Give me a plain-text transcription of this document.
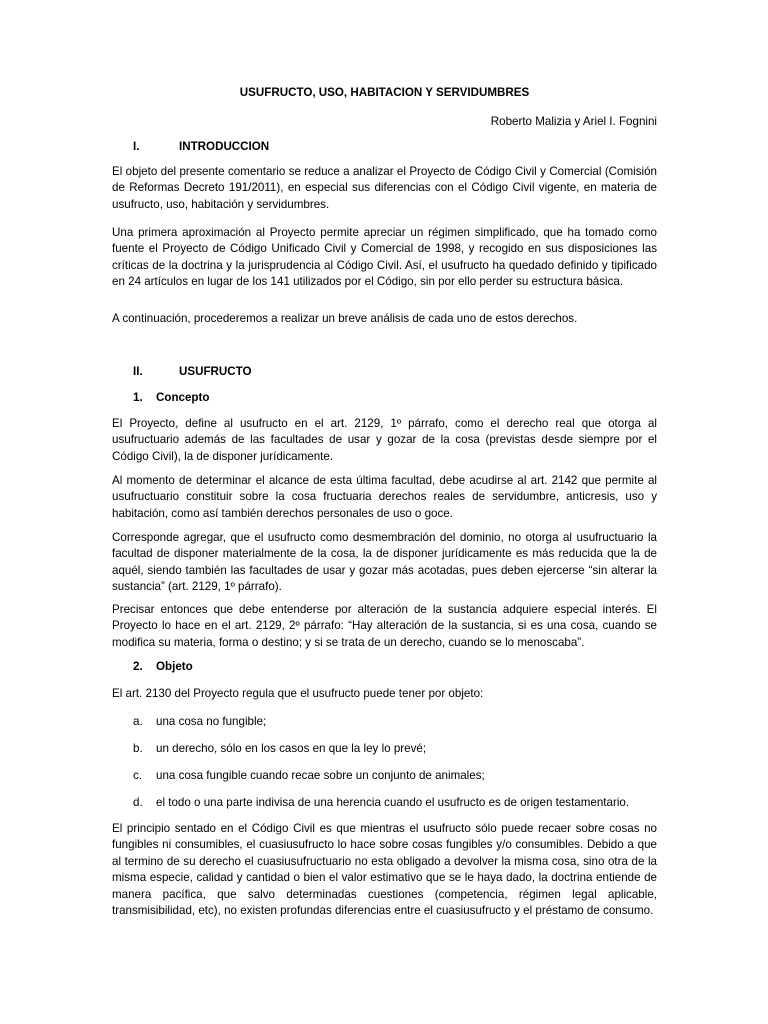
USUFRUCTO, USO, HABITACION Y SERVIDUMBRES

Roberto Malizia y Ariel I. Fognini

I.	INTRODUCCION

El objeto del presente comentario se reduce a analizar el Proyecto de Código Civil y Comercial (Comisión de Reformas Decreto 191/2011), en especial sus diferencias con el Código Civil vigente, en materia de usufructo, uso, habitación y servidumbres.

Una primera aproximación al Proyecto permite apreciar un régimen simplificado, que ha tomado como fuente el Proyecto de Código Unificado Civil y Comercial de 1998, y recogido en sus disposiciones las críticas de la doctrina y la jurisprudencia al Código Civil. Así, el usufructo ha quedado definido y tipificado en 24 artículos en lugar de los 141 utilizados por el Código, sin por ello perder su estructura básica.

A continuación, procederemos a realizar un breve análisis de cada uno de estos derechos.

II.	USUFRUCTO

1. Concepto

El Proyecto, define al usufructo en el art. 2129, 1º párrafo, como el derecho real que otorga al usufructuario además de las facultades de usar y gozar de la cosa (previstas desde siempre por el Código Civil), la de disponer jurídicamente.

Al momento de determinar el alcance de esta última facultad, debe acudirse al art. 2142 que permite al usufructuario constituir sobre la cosa fructuaria derechos reales de servidumbre, anticresis, uso y habitación, como así también derechos personales de uso o goce.

Corresponde agregar, que el usufructo como desmembración del dominio, no otorga al usufructuario la facultad de disponer materialmente de la cosa, la de disponer jurídicamente es más reducida que la de aquél, siendo también las facultades de usar y gozar más acotadas, pues deben ejercerse “sin alterar la sustancia” (art. 2129, 1º párrafo).

Precisar entonces que debe entenderse por alteración de la sustancia adquiere especial interés. El Proyecto lo hace en el art. 2129, 2º párrafo: “Hay alteración de la sustancia, si es una cosa, cuando se modifica su materia, forma o destino; y si se trata de un derecho, cuando se lo menoscaba”.

2. Objeto

El art. 2130 del Proyecto regula que el usufructo puede tener por objeto:

a. una cosa no fungible;

b. un derecho, sólo en los casos en que la ley lo prevé;

c. una cosa fungible cuando recae sobre un conjunto de animales;

d. el todo o una parte indivisa de una herencia cuando el usufructo es de origen testamentario.

El principio sentado en el Código Civil es que mientras el usufructo sólo puede recaer sobre cosas no fungibles ni consumibles, el cuasiusufructo lo hace sobre cosas fungibles y/o consumibles. Debido a que al termino de su derecho el cuasiusufructuario no esta obligado a devolver la misma cosa, sino otra de la misma especie, calidad y cantidad o bien el valor estimativo que se le haya dado, la doctrina entiende de manera pacífica, que salvo determinadas cuestiones (competencia, régimen legal aplicable, transmisibilidad, etc), no existen profundas diferencias entre el cuasiusufructo y el préstamo de consumo.
